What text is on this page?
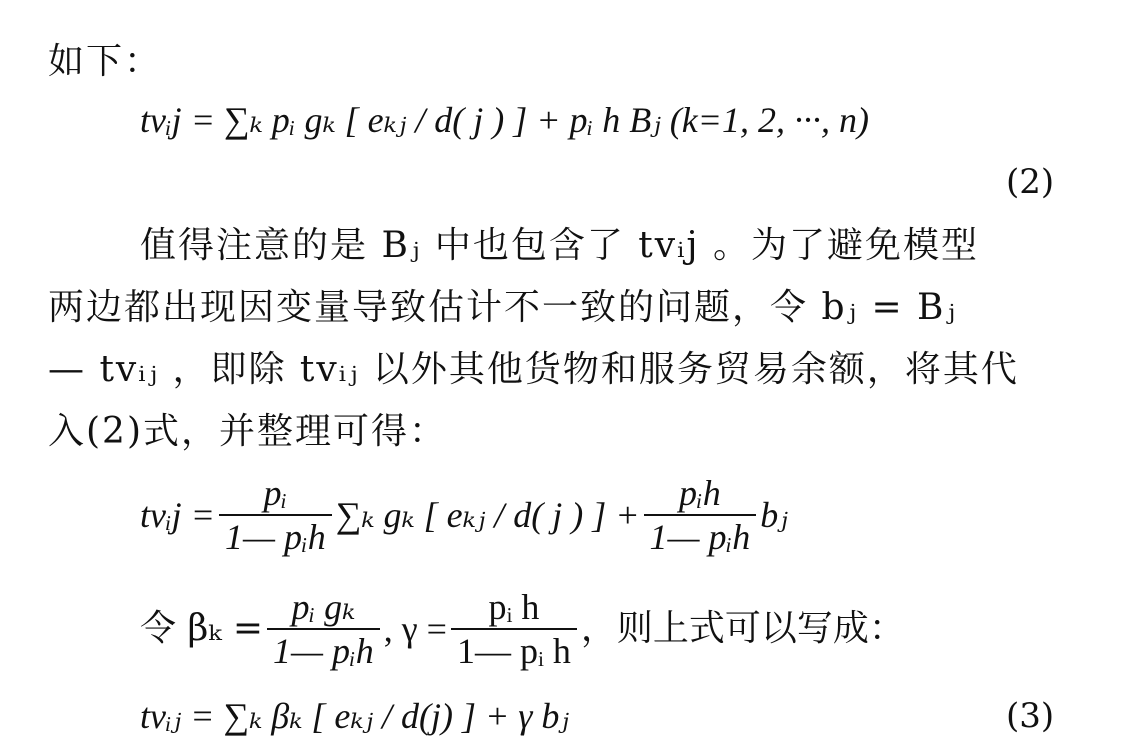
如下：
tvᵢj = ∑ₖ pᵢ gₖ [ eₖⱼ / d( j ) ] + pᵢ h Bⱼ (k=1, 2, ···, n)
(2)
值得注意的是 Bⱼ 中也包含了 tvᵢj 。为了避免模型
两边都出现因变量导致估计不一致的问题，令 bⱼ = Bⱼ
— tvᵢⱼ ，即除 tvᵢⱼ 以外其他货物和服务贸易余额，将其代
入(2)式，并整理可得：
tvᵢj = $\frac{\text{pᵢ}}{\text{1— pᵢh}} \sum_k$ gₖ [ eₖⱼ / d( j ) ] + $\frac{\text{pᵢh}}{\text{1— pᵢh}}$ bⱼ
令 $\beta_k = \frac{\text{pᵢ gₖ}}{\text{1— pᵢh}}$ , $\gamma = \frac{\text{pᵢ h}}{\text{1— pᵢ h}}$ ，则上式可以写成：
tvᵢⱼ = ∑ₖ βₖ [ eₖⱼ / d(j) ] + γ bⱼ	(3)
